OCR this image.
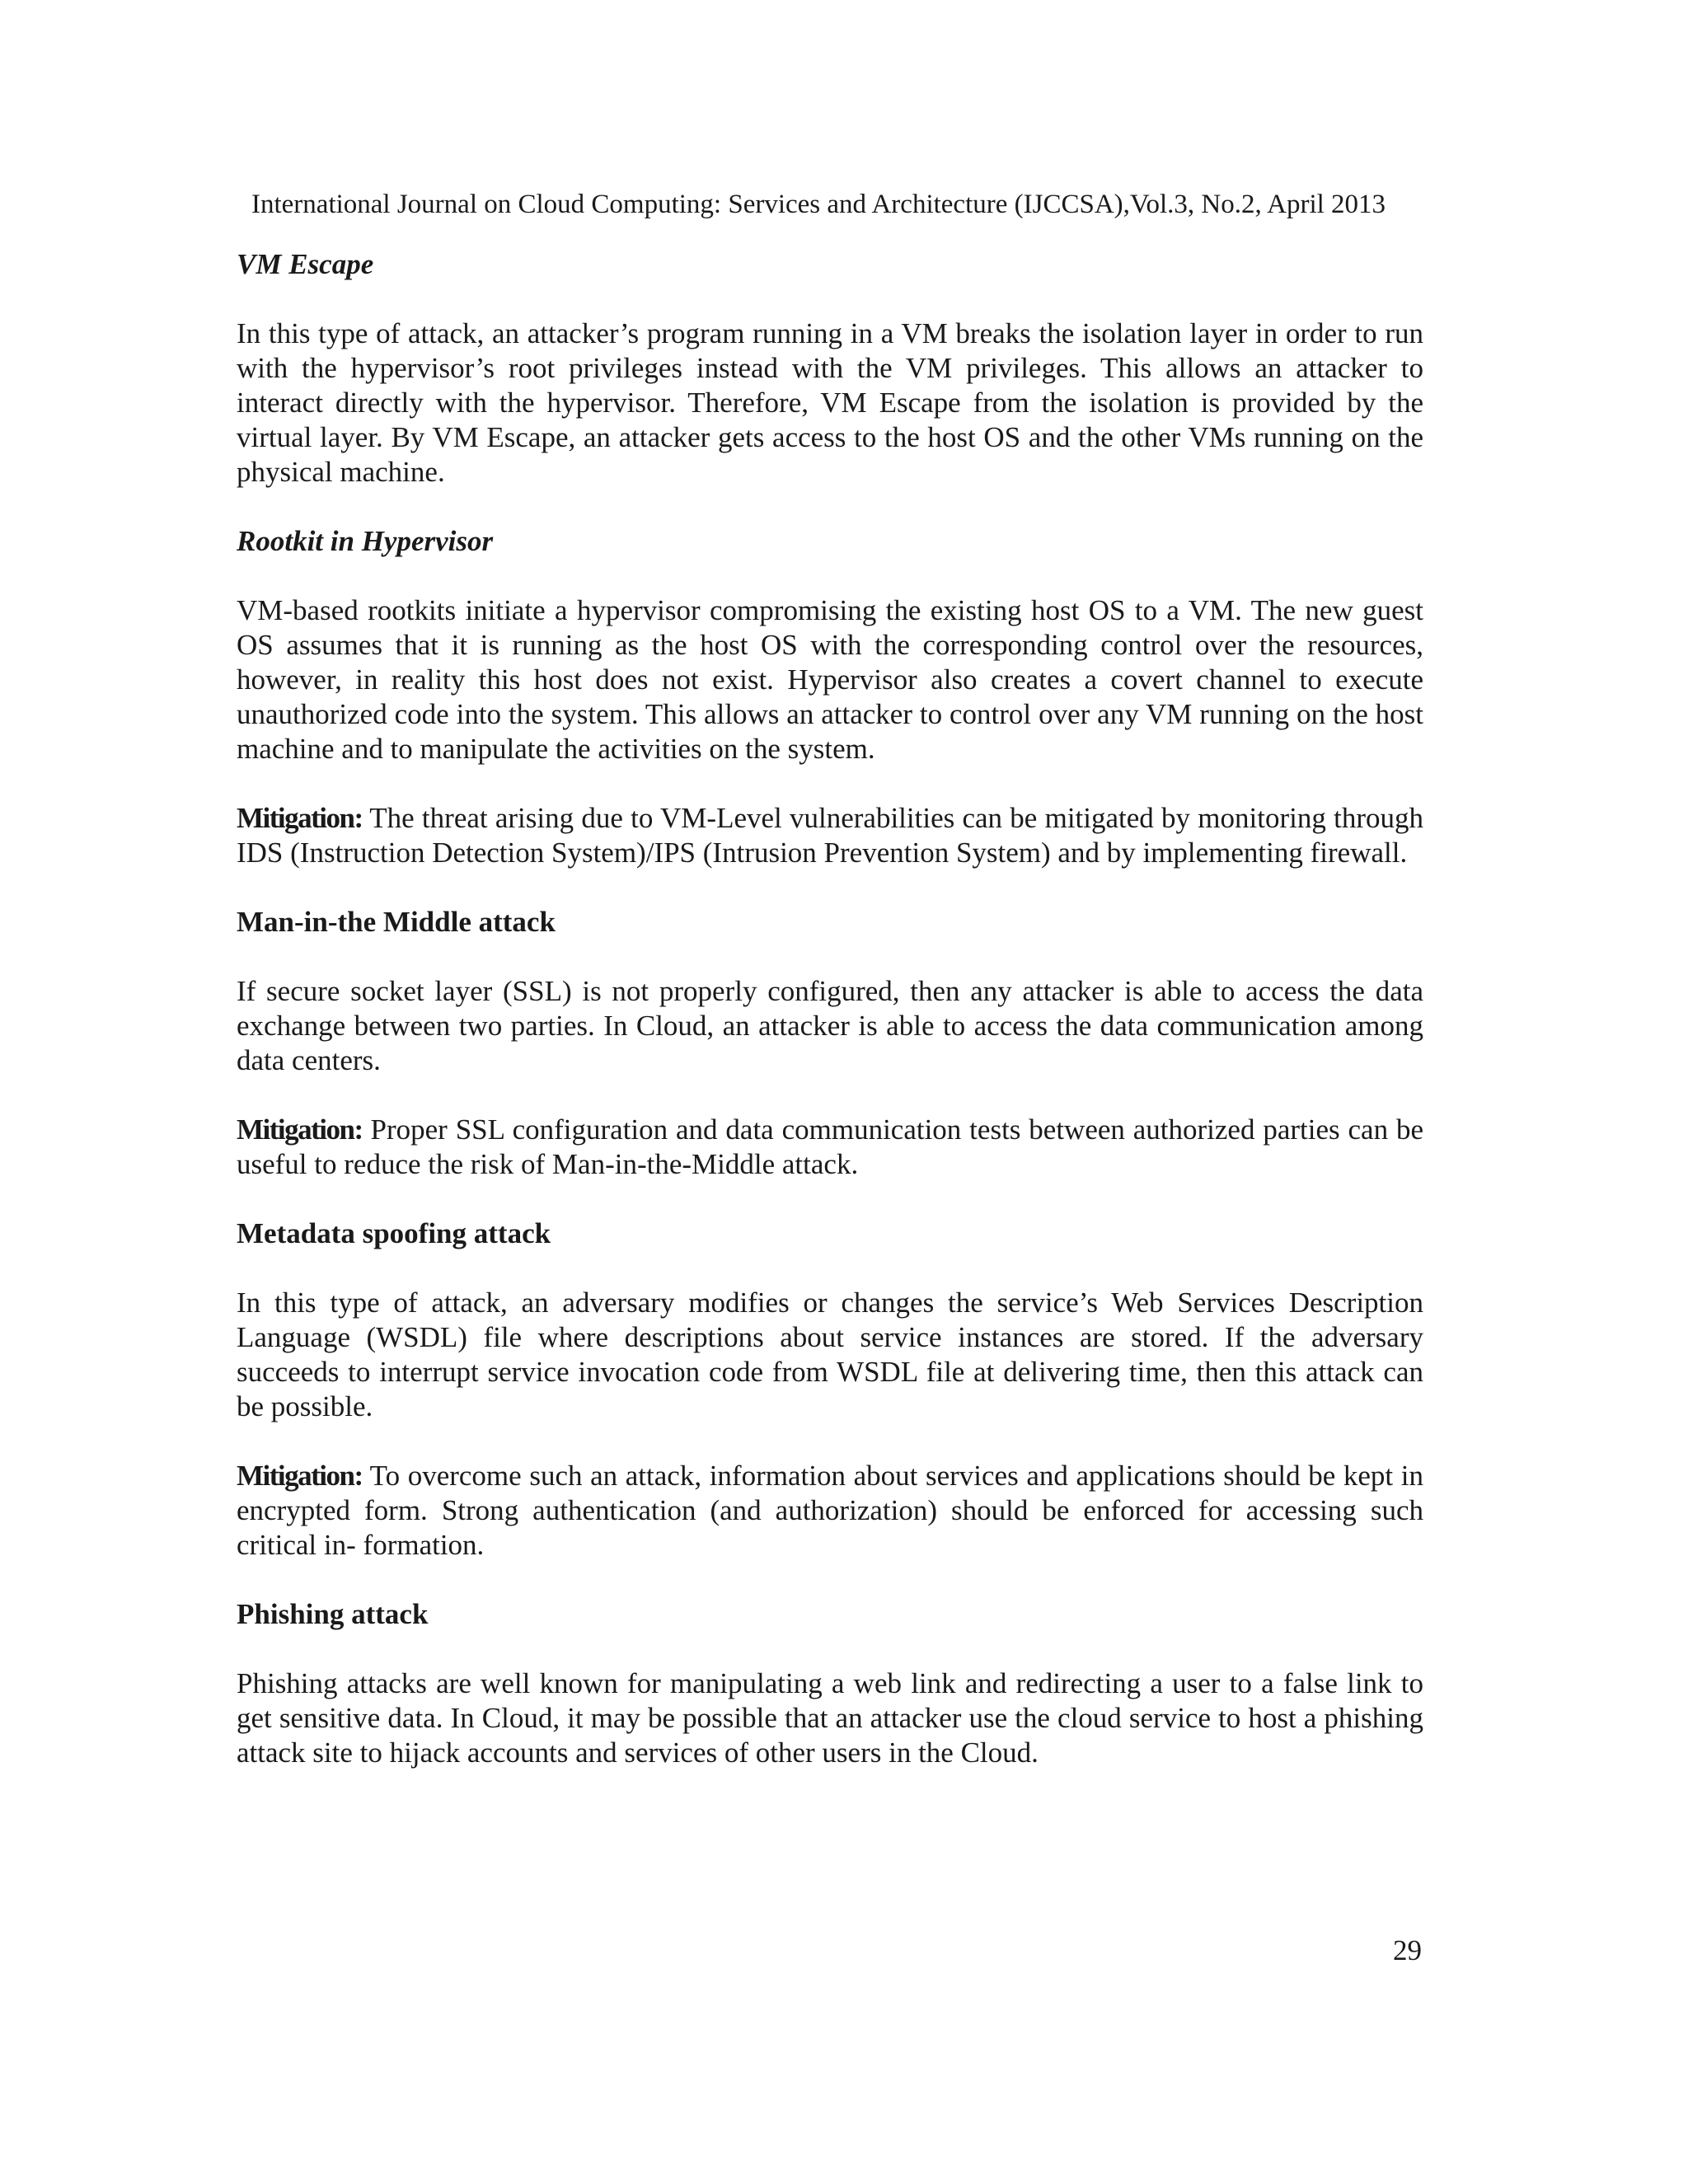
International Journal on Cloud Computing: Services and Architecture (IJCCSA),Vol.3, No.2, April 2013

VM Escape

In this type of attack, an attacker’s program running in a VM breaks the isolation layer in order to run with the hypervisor’s root privileges instead with the VM privileges. This allows an attacker to interact directly with the hypervisor. Therefore, VM Escape from the isolation is provided by the virtual layer. By VM Escape, an attacker gets access to the host OS and the other VMs running on the physical machine.

Rootkit in Hypervisor

VM-based rootkits initiate a hypervisor compromising the existing host OS to a VM. The new guest OS assumes that it is running as the host OS with the corresponding control over the resources, however, in reality this host does not exist. Hypervisor also creates a covert channel to execute unauthorized code into the system. This allows an attacker to control over any VM running on the host machine and to manipulate the activities on the system.

Mitigation: The threat arising due to VM-Level vulnerabilities can be mitigated by monitoring through IDS (Instruction Detection System)/IPS (Intrusion Prevention System) and by implementing firewall.

Man-in-the Middle attack

If secure socket layer (SSL) is not properly configured, then any attacker is able to access the data exchange between two parties. In Cloud, an attacker is able to access the data communication among data centers.

Mitigation: Proper SSL configuration and data communication tests between authorized parties can be useful to reduce the risk of Man-in-the-Middle attack.

Metadata spoofing attack

In this type of attack, an adversary modifies or changes the service’s Web Services Description Language (WSDL) file where descriptions about service instances are stored. If the adversary succeeds to interrupt service invocation code from WSDL file at delivering time, then this attack can be possible.

Mitigation: To overcome such an attack, information about services and applications should be kept in encrypted form. Strong authentication (and authorization) should be enforced for accessing such critical in- formation.

Phishing attack

Phishing attacks are well known for manipulating a web link and redirecting a user to a false link to get sensitive data. In Cloud, it may be possible that an attacker use the cloud service to host a phishing attack site to hijack accounts and services of other users in the Cloud.

29
